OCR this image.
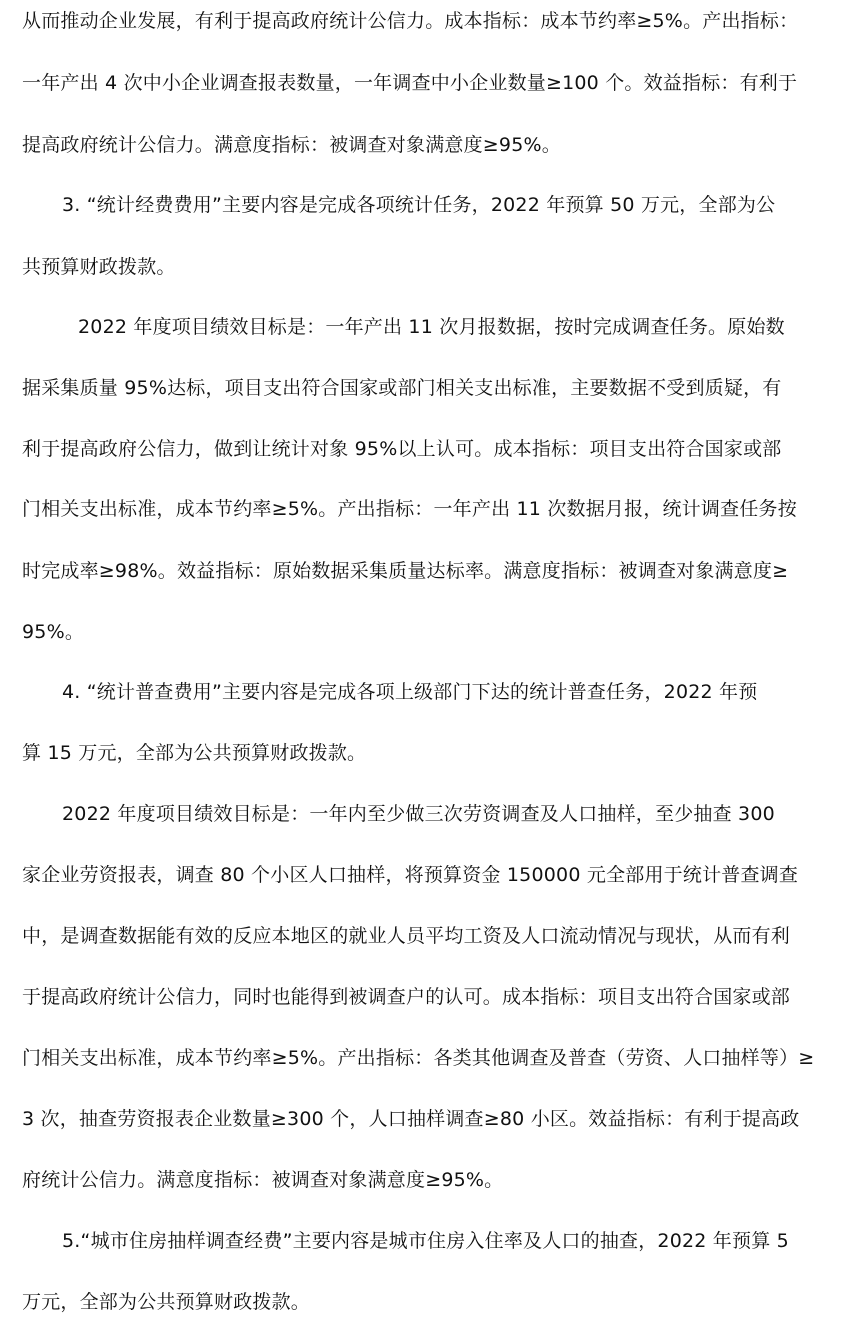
从而推动企业发展，有利于提高政府统计公信力。成本指标：成本节约率≥5%。产出指标：
一年产出 4 次中小企业调查报表数量，一年调查中小企业数量≥100 个。效益指标：有利于
提高政府统计公信力。满意度指标：被调查对象满意度≥95%。
3. “统计经费费用”主要内容是完成各项统计任务，2022 年预算 50 万元，全部为公
共预算财政拨款。
2022 年度项目绩效目标是：一年产出 11 次月报数据，按时完成调查任务。原始数
据采集质量 95%达标，项目支出符合国家或部门相关支出标准，主要数据不受到质疑，有
利于提高政府公信力，做到让统计对象 95%以上认可。成本指标：项目支出符合国家或部
门相关支出标准，成本节约率≥5%。产出指标：一年产出 11 次数据月报，统计调查任务按
时完成率≥98%。效益指标：原始数据采集质量达标率。满意度指标：被调查对象满意度≥
95%。
4. “统计普查费用”主要内容是完成各项上级部门下达的统计普查任务，2022 年预
算 15 万元，全部为公共预算财政拨款。
2022 年度项目绩效目标是：一年内至少做三次劳资调查及人口抽样，至少抽查 300
家企业劳资报表，调查 80 个小区人口抽样，将预算资金 150000 元全部用于统计普查调查
中，是调查数据能有效的反应本地区的就业人员平均工资及人口流动情况与现状，从而有利
于提高政府统计公信力，同时也能得到被调查户的认可。成本指标：项目支出符合国家或部
门相关支出标准，成本节约率≥5%。产出指标：各类其他调查及普查（劳资、人口抽样等）≥
3 次，抽查劳资报表企业数量≥300 个，人口抽样调查≥80 小区。效益指标：有利于提高政
府统计公信力。满意度指标：被调查对象满意度≥95%。
5.“城市住房抽样调查经费”主要内容是城市住房入住率及人口的抽查，2022 年预算 5
万元，全部为公共预算财政拨款。
